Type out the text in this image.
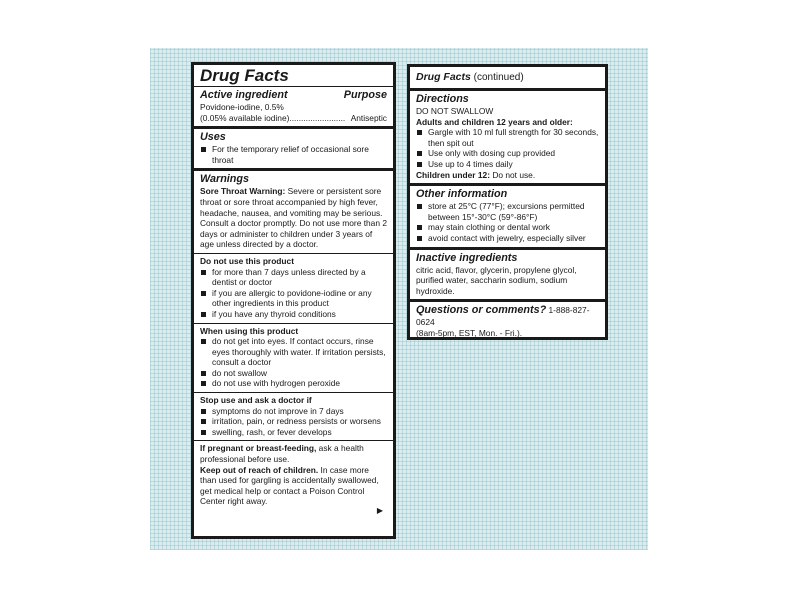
Drug Facts
Active ingredient	Purpose
Povidone-iodine, 0.5%
(0.05% available iodine) ........................ Antiseptic
Uses
For the temporary relief of occasional sore throat
Warnings
Sore Throat Warning: Severe or persistent sore throat or sore throat accompanied by high fever, headache, nausea, and vomiting may be serious. Consult a doctor promptly. Do not use more than 2 days or administer to children under 3 years of age unless directed by a doctor.
Do not use this product
for more than 7 days unless directed by a dentist or doctor
if you are allergic to povidone-iodine or any other ingredients in this product
if you have any thyroid conditions
When using this product
do not get into eyes. If contact occurs, rinse eyes thoroughly with water. If irritation persists, consult a doctor
do not swallow
do not use with hydrogen peroxide
Stop use and ask a doctor if
symptoms do not improve in 7 days
irritation, pain, or redness persists or worsens
swelling, rash, or fever develops
If pregnant or breast-feeding, ask a health professional before use.
Keep out of reach of children. In case more than used for gargling is accidentally swallowed, get medical help or contact a Poison Control Center right away.
▶
Drug Facts (continued)
Directions
DO NOT SWALLOW
Adults and children 12 years and older:
Gargle with 10 ml full strength for 30 seconds, then spit out
Use only with dosing cup provided
Use up to 4 times daily
Children under 12: Do not use.
Other information
store at 25°C (77°F); excursions permitted between 15°-30°C (59°-86°F)
may stain clothing or dental work
avoid contact with jewelry, especially silver
Inactive ingredients
citric acid, flavor, glycerin, propylene glycol, purified water, saccharin sodium, sodium hydroxide.
Questions or comments? 1-888-827-0624
(8am-5pm, EST, Mon. - Fri.).
